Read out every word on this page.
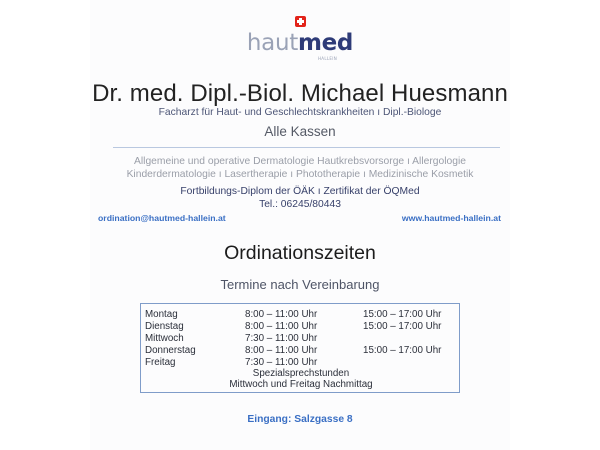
hautmed
HALLEIN
Dr. med. Dipl.-Biol. Michael Huesmann
Facharzt für Haut- und Geschlechtskrankheiten ı Dipl.-Biologe
Alle Kassen
Allgemeine und operative Dermatologie Hautkrebsvorsorge ı Allergologie
Kinderdermatologie ı Lasertherapie ı Phototherapie ı Medizinische Kosmetik
Fortbildungs-Diplom der ÖÄK ı Zertifikat der ÖQMed
Tel.: 06245/80443
ordination@hautmed-hallein.at	www.hautmed-hallein.at
Ordinationszeiten
Termine nach Vereinbarung
Montag	8:00 – 11:00 Uhr	15:00 – 17:00 Uhr
Dienstag	8:00 – 11:00 Uhr	15:00 – 17:00 Uhr
Mittwoch	7:30 – 11:00 Uhr
Donnerstag	8:00 – 11:00 Uhr	15:00 – 17:00 Uhr
Freitag	7:30 – 11:00 Uhr
Spezialsprechstunden
Mittwoch und Freitag Nachmittag
Eingang: Salzgasse 8
